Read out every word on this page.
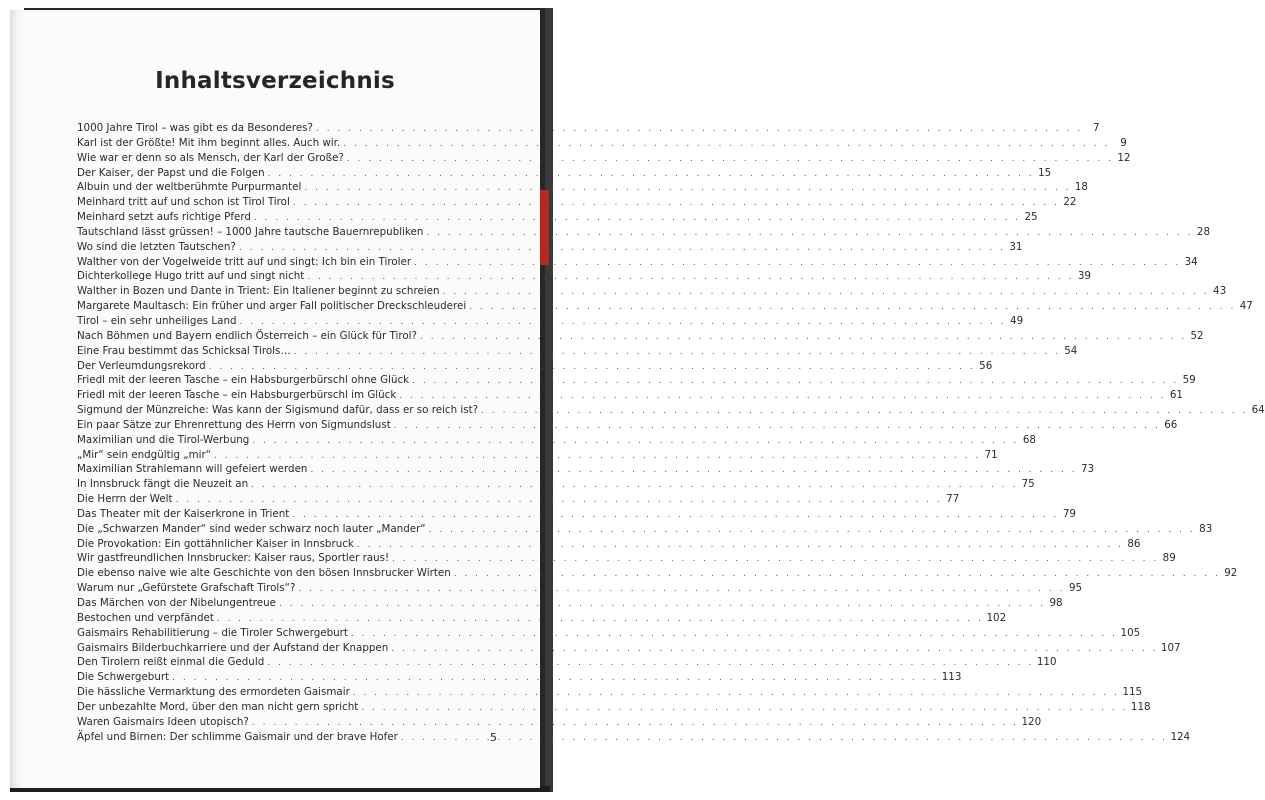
Inhaltsverzeichnis
1000 Jahre Tirol – was gibt es da Besonderes? . . .	7
Karl ist der Größte! Mit ihm beginnt alles. Auch wir. . . .	9
Wie war er denn so als Mensch, der Karl der Große? . . .	12
Der Kaiser, der Papst und die Folgen . . .	15
Albuin und der weltberühmte Purpurmantel . . .	18
Meinhard tritt auf und schon ist Tirol Tirol . . .	22
Meinhard setzt aufs richtige Pferd . . .	25
Tautschland lässt grüssen! – 1000 Jahre tautsche Bauernrepubliken . . .	28
Wo sind die letzten Tautschen? . . .	31
Walther von der Vogelweide tritt auf und singt: Ich bin ein Tiroler . . .	34
Dichterkollege Hugo tritt auf und singt nicht . . .	39
Walther in Bozen und Dante in Trient: Ein Italiener beginnt zu schreien . . .	43
Margarete Maultasch: Ein früher und arger Fall politischer Dreckschleuderei . . .	47
Tirol – ein sehr unheiliges Land . . .	49
Nach Böhmen und Bayern endlich Österreich – ein Glück für Tirol? . . .	52
Eine Frau bestimmt das Schicksal Tirols… . . .	54
Der Verleumdungsrekord . . .	56
Friedl mit der leeren Tasche – ein Habsburgerbürschl ohne Glück . . .	59
Friedl mit der leeren Tasche – ein Habsburgerbürschl im Glück . . .	61
Sigmund der Münzreiche: Was kann der Sigismund dafür, dass er so reich ist? . . .	64
Ein paar Sätze zur Ehrenrettung des Herrn von Sigmundslust . . .	66
Maximilian und die Tirol-Werbung . . .	68
„Mir“ sein endgültig „mir“ . . .	71
Maximilian Strahlemann will gefeiert werden . . .	73
In Innsbruck fängt die Neuzeit an . . .	75
Die Herrn der Welt . . .	77
Das Theater mit der Kaiserkrone in Trient . . .	79
Die „Schwarzen Mander“ sind weder schwarz noch lauter „Mander“ . . .	83
Die Provokation: Ein gottähnlicher Kaiser in Innsbruck . . .	86
Wir gastfreundlichen Innsbrucker: Kaiser raus, Sportler raus! . . .	89
Die ebenso naive wie alte Geschichte von den bösen Innsbrucker Wirten . . .	92
Warum nur „Gefürstete Grafschaft Tirols“? . . .	95
Das Märchen von der Nibelungentreue . . .	98
Bestochen und verpfändet . . .	102
Gaismairs Rehabilitierung – die Tiroler Schwergeburt . . .	105
Gaismairs Bilderbuchkarriere und der Aufstand der Knappen . . .	107
Den Tirolern reißt einmal die Geduld . . .	110
Die Schwergeburt . . .	113
Die hässliche Vermarktung des ermordeten Gaismair . . .	115
Der unbezahlte Mord, über den man nicht gern spricht . . .	118
Waren Gaismairs Ideen utopisch? . . .	120
Äpfel und Birnen: Der schlimme Gaismair und der brave Hofer . . .	124
5
